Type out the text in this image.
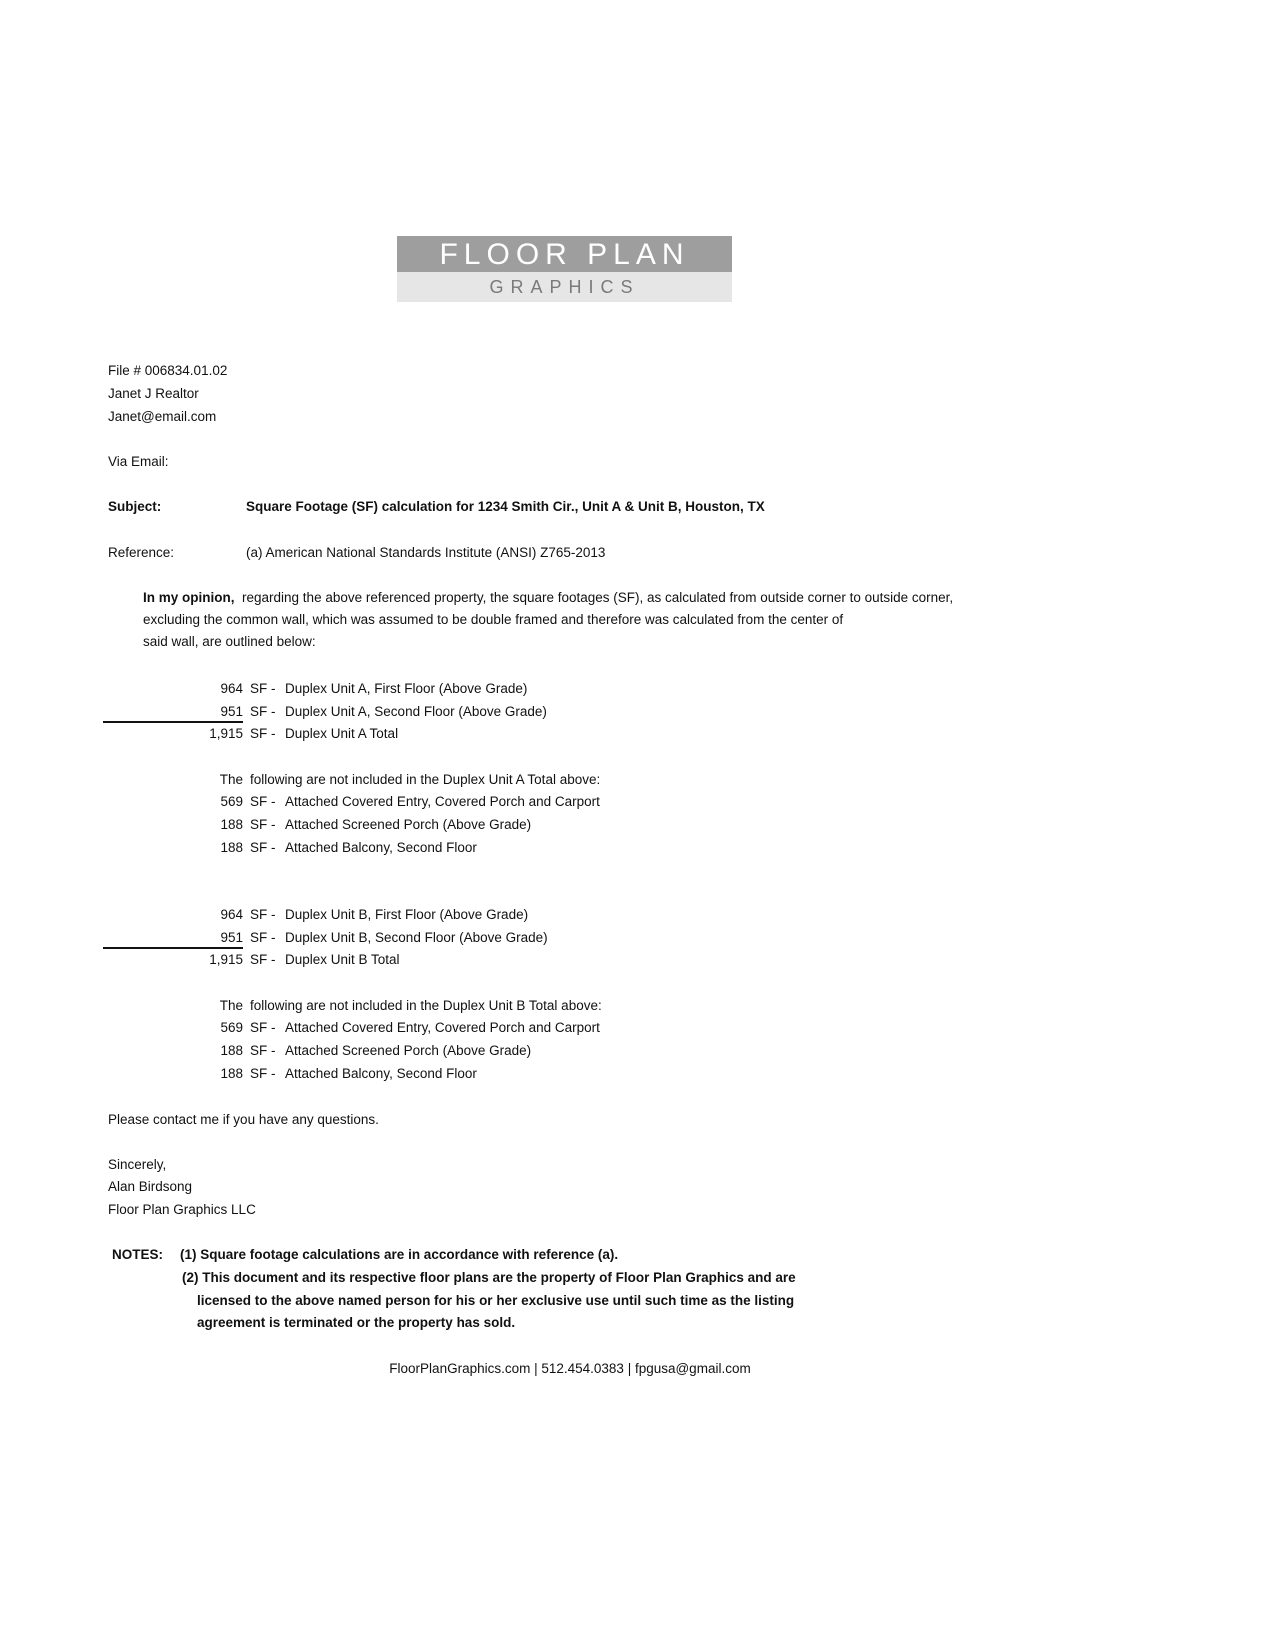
FLOOR PLAN
GRAPHICS
File # 006834.01.02
Janet J Realtor
Janet@email.com
Via Email:
Subject:	Square Footage (SF) calculation for 1234 Smith Cir., Unit A & Unit B, Houston, TX
Reference:	(a) American National Standards Institute (ANSI) Z765-2013
In my opinion, regarding the above referenced property, the square footages (SF), as calculated from outside corner to outside corner,
excluding the common wall, which was assumed to be double framed and therefore was calculated from the center of
said wall, are outlined below:
964 SF - Duplex Unit A, First Floor (Above Grade)
951 SF - Duplex Unit A, Second Floor (Above Grade)
1,915 SF - Duplex Unit A Total
The following are not included in the Duplex Unit A Total above:
569 SF - Attached Covered Entry, Covered Porch and Carport
188 SF - Attached Screened Porch (Above Grade)
188 SF - Attached Balcony, Second Floor
964 SF - Duplex Unit B, First Floor (Above Grade)
951 SF - Duplex Unit B, Second Floor (Above Grade)
1,915 SF - Duplex Unit B Total
The following are not included in the Duplex Unit B Total above:
569 SF - Attached Covered Entry, Covered Porch and Carport
188 SF - Attached Screened Porch (Above Grade)
188 SF - Attached Balcony, Second Floor
Please contact me if you have any questions.
Sincerely,
Alan Birdsong
Floor Plan Graphics LLC
NOTES: (1) Square footage calculations are in accordance with reference (a).
(2) This document and its respective floor plans are the property of Floor Plan Graphics and are
licensed to the above named person for his or her exclusive use until such time as the listing
agreement is terminated or the property has sold.
FloorPlanGraphics.com | 512.454.0383 | fpgusa@gmail.com
